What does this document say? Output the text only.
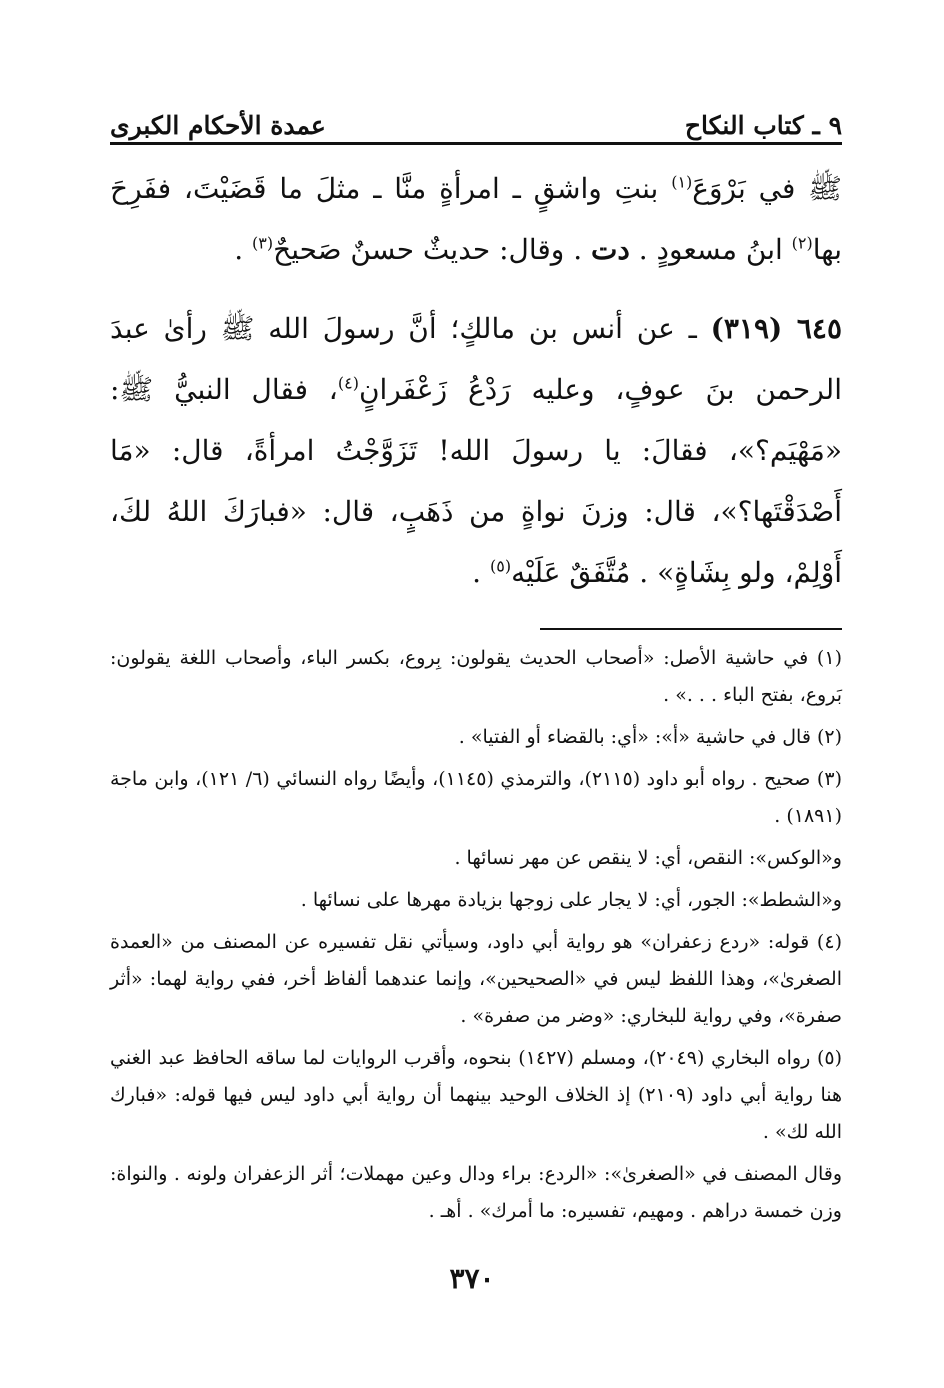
٩ ـ كتاب النكاح
عمدة الأحكام الكبرى

ﷺ في بَرْوَعَ$^{(١)}$ بنتِ واشقٍ ـ امرأةٍ منَّا ـ مثلَ ما قَضَيْتَ، ففَرِحَ بها$^{(٢)}$ ابنُ مسعودٍ . دت . وقال: حديثٌ حسنٌ صَحيحٌ$^{(٣)}$ .

٦٤٥ (٣١٩) ـ عن أنس بن مالكٍ؛ أنَّ رسولَ الله ﷺ رأىٰ عبدَ الرحمن بنَ عوفٍ، وعليه رَدْعُ زَعْفَرانٍ$^{(٤)}$، فقال النبيُّ ﷺ: «مَهْيَم؟»، فقالَ: يا رسولَ الله! تَزَوَّجْتُ امرأةً، قال: «مَا أَصْدَقْتَها؟»، قال: وزنَ نواةٍ من ذَهَبٍ، قال: «فبارَكَ اللهُ لكَ، أَوْلِمْ، ولو بِشَاةٍ» . مُتَّفَقٌ عَلَيْه$^{(٥)}$ .

(١) في حاشية الأصل: «أصحاب الحديث يقولون: بِروع، بكسر الباء، وأصحاب اللغة يقولون: بَروع، بفتح الباء . . .» .

(٢) قال في حاشية «أ»: «أي: بالقضاء أو الفتيا» .

(٣) صحيح . رواه أبو داود (٢١١٥)، والترمذي (١١٤٥)، وأيضًا رواه النسائي (٦/ ١٢١)، وابن ماجة (١٨٩١) .

و«الوكس»: النقص، أي: لا ينقص عن مهر نسائها .

و«الشطط»: الجور، أي: لا يجار على زوجها بزيادة مهرها على نسائها .

(٤) قوله: «ردع زعفران» هو رواية أبي داود، وسيأتي نقل تفسيره عن المصنف من «العمدة الصغرىٰ»، وهذا اللفظ ليس في «الصحيحين»، وإنما عندهما ألفاظ أخر، ففي رواية لهما: «أثر صفرة»، وفي رواية للبخاري: «وضر من صفرة» .

(٥) رواه البخاري (٢٠٤٩)، ومسلم (١٤٢٧) بنحوه، وأقرب الروايات لما ساقه الحافظ عبد الغني هنا رواية أبي داود (٢١٠٩) إذ الخلاف الوحيد بينهما أن رواية أبي داود ليس فيها قوله: «فبارك الله لك» .

وقال المصنف في «الصغرىٰ»: «الردع: براء ودال وعين مهملات؛ أثر الزعفران ولونه . والنواة: وزن خمسة دراهم . ومهيم، تفسيره: ما أمرك» . أهـ .

٣٧٠
